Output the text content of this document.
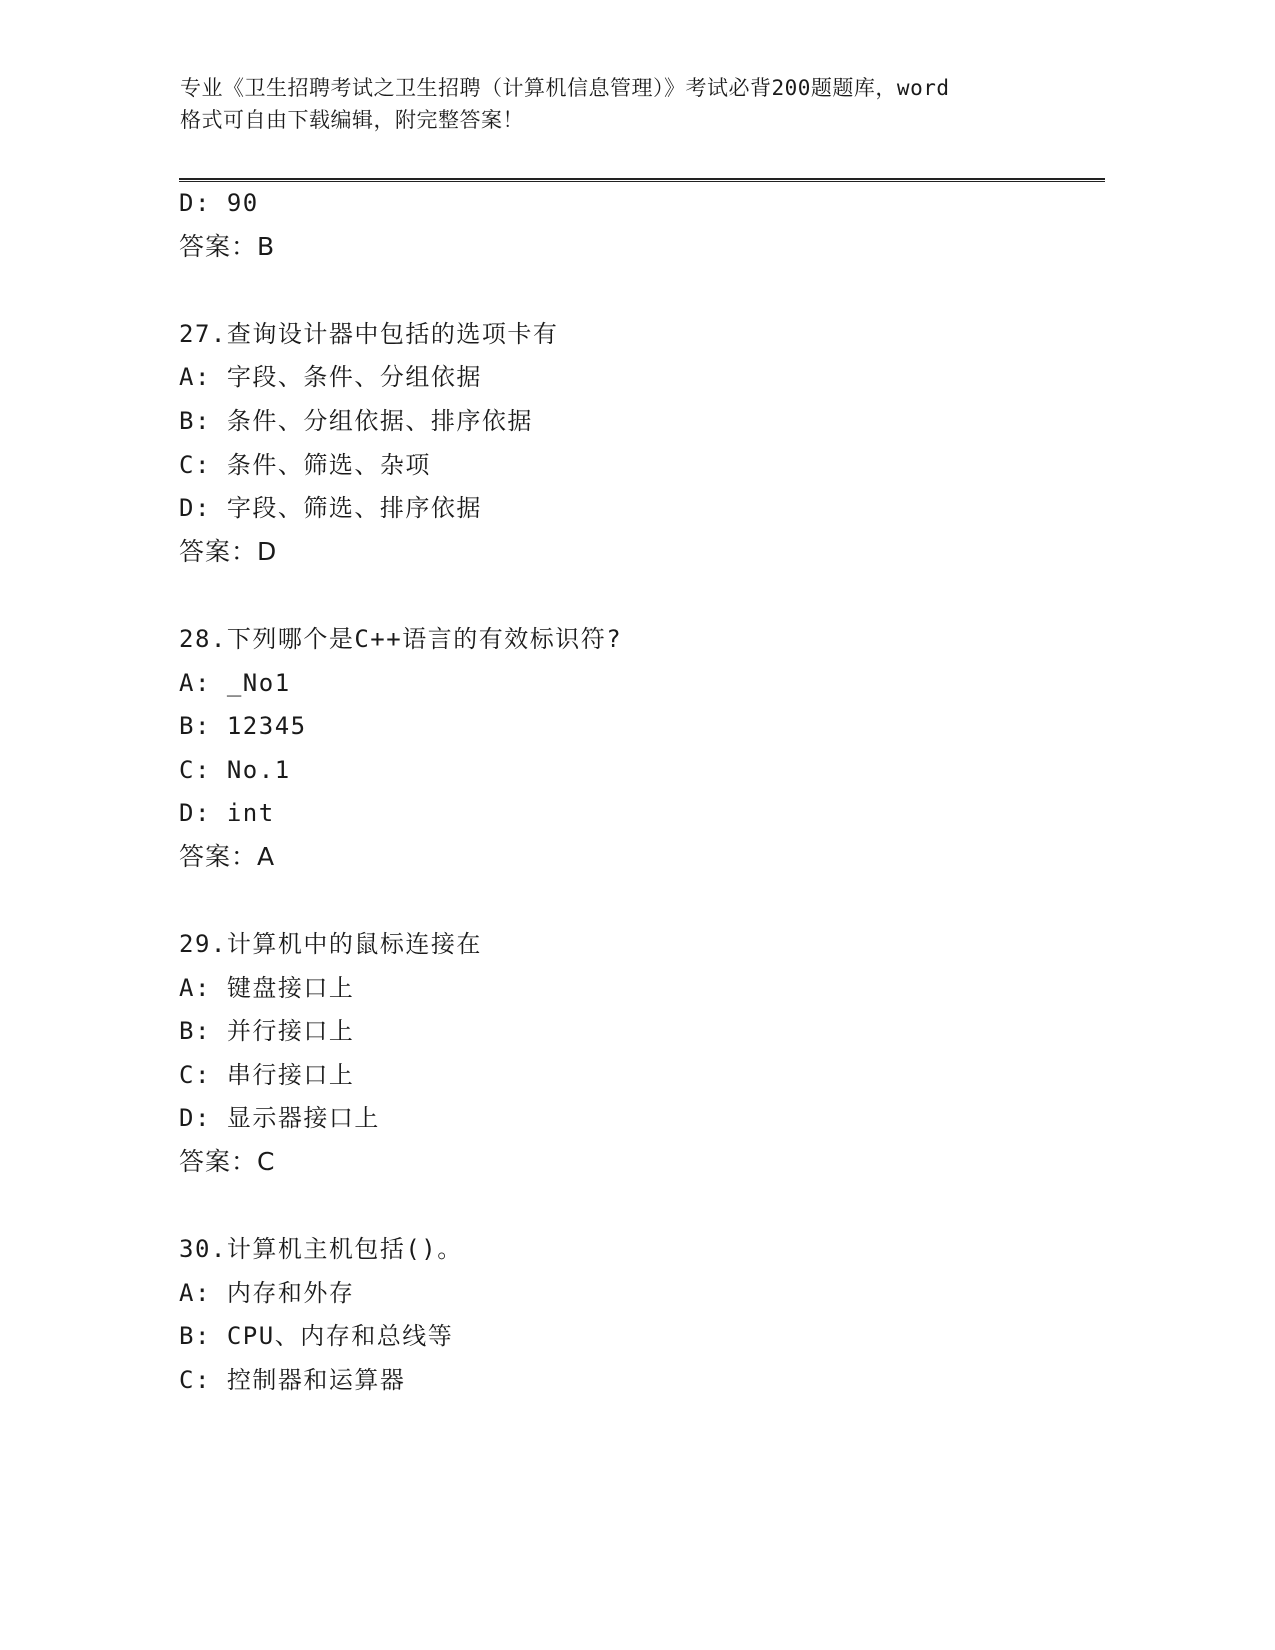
专业《卫生招聘考试之卫生招聘（计算机信息管理）》考试必背200题题库，word
格式可自由下载编辑，附完整答案！
D: 90
答案：B
27.查询设计器中包括的选项卡有
A: 字段、条件、分组依据
B: 条件、分组依据、排序依据
C: 条件、筛选、杂项
D: 字段、筛选、排序依据
答案：D
28.下列哪个是C++语言的有效标识符?
A: _No1
B: 12345
C: No.1
D: int
答案：A
29.计算机中的鼠标连接在
A: 键盘接口上
B: 并行接口上
C: 串行接口上
D: 显示器接口上
答案：C
30.计算机主机包括()。
A: 内存和外存
B: CPU、内存和总线等
C: 控制器和运算器
